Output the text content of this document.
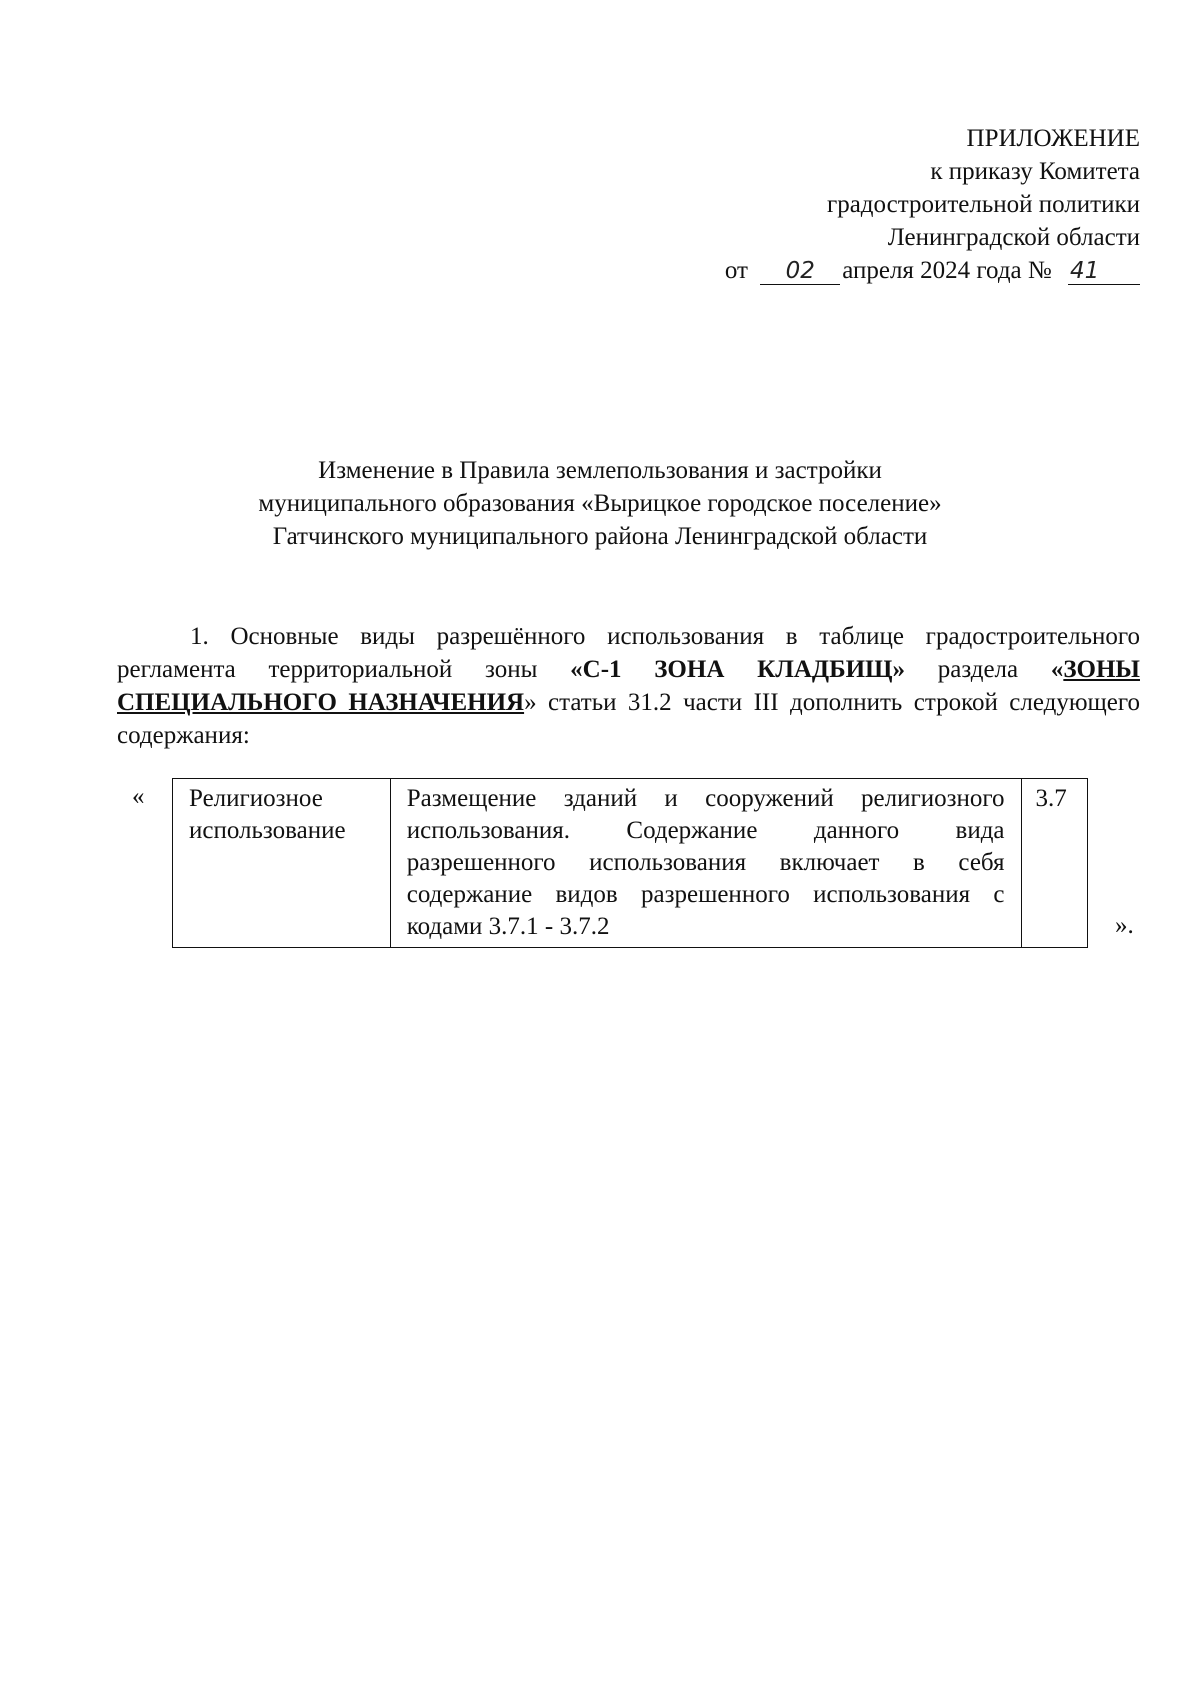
ПРИЛОЖЕНИЕ
к приказу Комитета
градостроительной политики
Ленинградской области
от 02 апреля 2024 года № 41
Изменение в Правила землепользования и застройки
муниципального образования «Вырицкое городское поселение»
Гатчинского муниципального района Ленинградской области
1. Основные виды разрешённого использования в таблице градостроительного регламента территориальной зоны «С-1 ЗОНА КЛАДБИЩ» раздела «ЗОНЫ СПЕЦИАЛЬНОГО НАЗНАЧЕНИЯ» статьи 31.2 части III дополнить строкой следующего содержания:
« Религиозное использование	Размещение зданий и сооружений религиозного использования. Содержание данного вида разрешенного использования включает в себя содержание видов разрешенного использования с кодами 3.7.1 - 3.7.2	3.7
».
